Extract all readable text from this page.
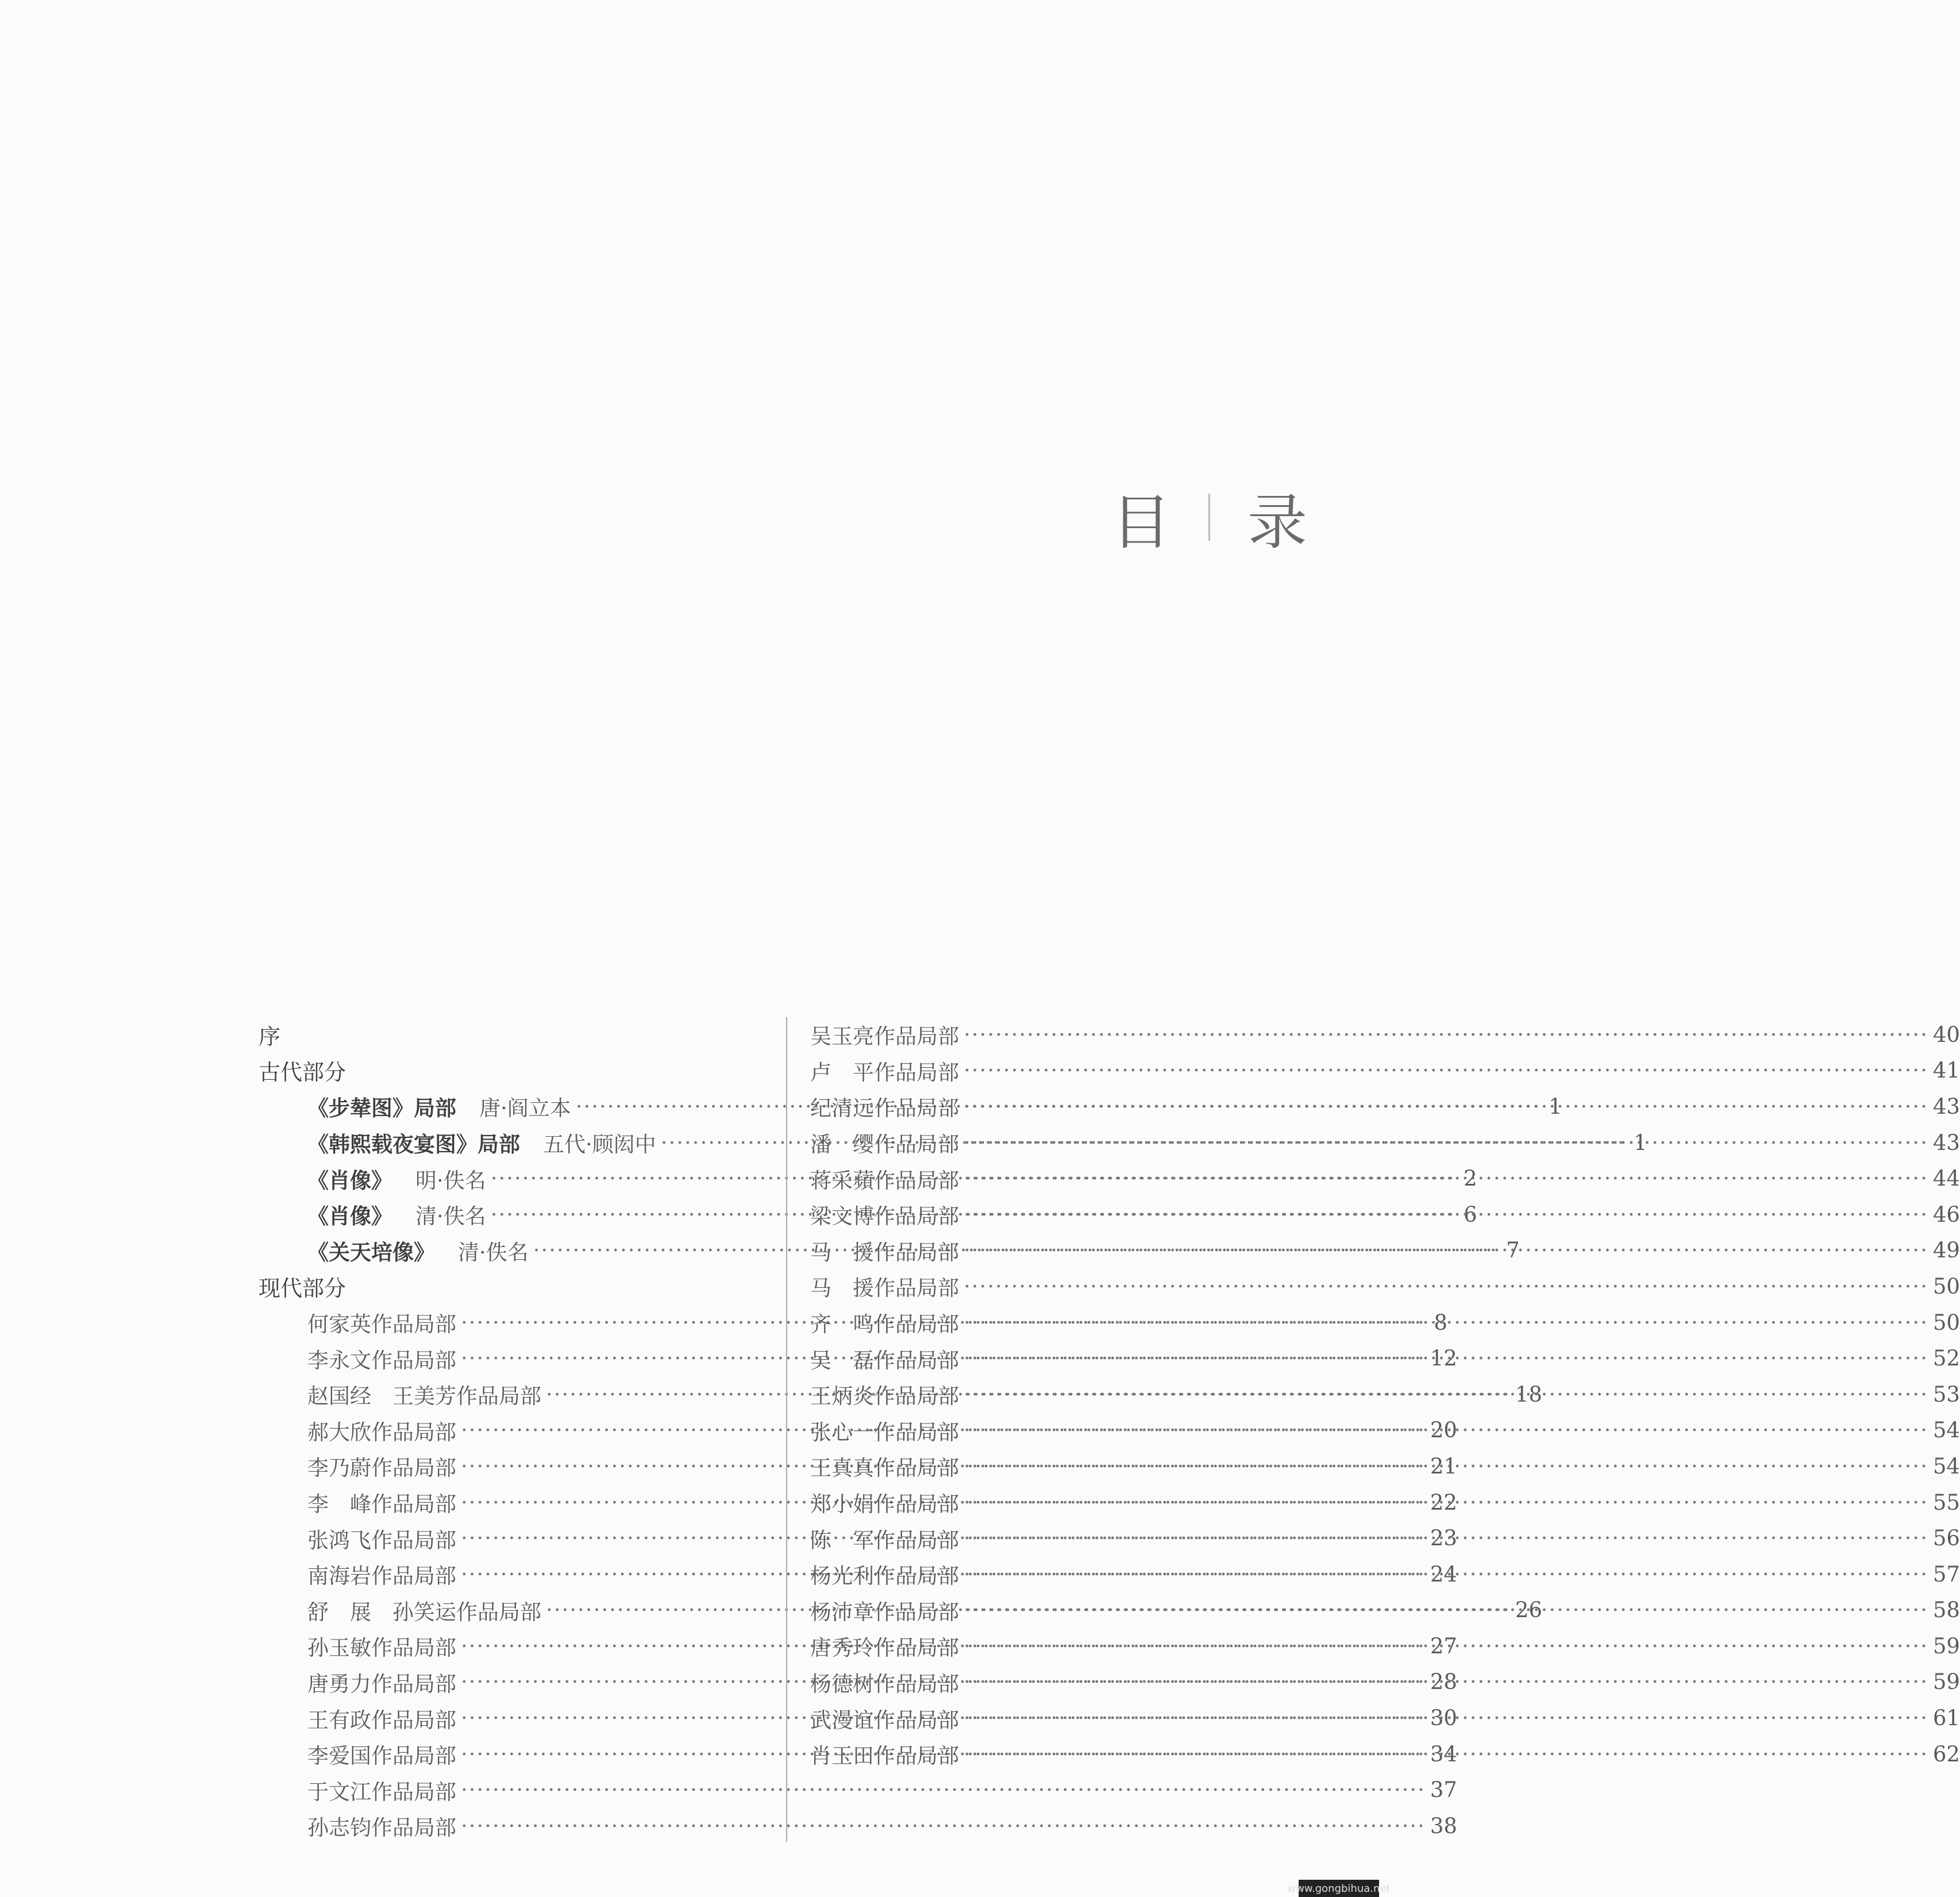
目 录
序
古代部分
《步辇图》局部 唐·阎立本 ·····	1
《韩熙载夜宴图》局部 五代·顾闳中 ·····	1
《肖像》 明·佚名 ·····	2
《肖像》 清·佚名 ·····	6
《关天培像》 清·佚名 ·····	7
现代部分
何家英作品局部 ·····	8
李永文作品局部 ·····	12
赵国经　王美芳作品局部 ·····	18
郝大欣作品局部 ·····	20
李乃蔚作品局部 ·····	21
李　峰作品局部 ·····	22
张鸿飞作品局部 ·····	23
南海岩作品局部 ·····	24
舒　展　孙笑运作品局部 ·····	26
孙玉敏作品局部 ·····	27
唐勇力作品局部 ·····	28
王有政作品局部 ·····	30
李爱国作品局部 ·····	34
于文江作品局部 ·····	37
孙志钧作品局部 ·····	38
吴玉亮作品局部 ·····	40
卢　平作品局部 ·····	41
纪清远作品局部 ·····	43
潘　缨作品局部 ·····	43
蒋采蘋作品局部 ·····	44
梁文博作品局部 ·····	46
马　援作品局部 ·····	49
马　援作品局部 ·····	50
齐　鸣作品局部 ·····	50
吴　磊作品局部 ·····	52
王炳炎作品局部 ·····	53
张心一作品局部 ·····	54
王真真作品局部 ·····	54
郑小娟作品局部 ·····	55
陈　军作品局部 ·····	56
杨光利作品局部 ·····	57
杨沛章作品局部 ·····	58
唐秀玲作品局部 ·····	59
杨德树作品局部 ·····	59
武漫谊作品局部 ·····	61
肖玉田作品局部 ·····	62
www.gongbihua.net
